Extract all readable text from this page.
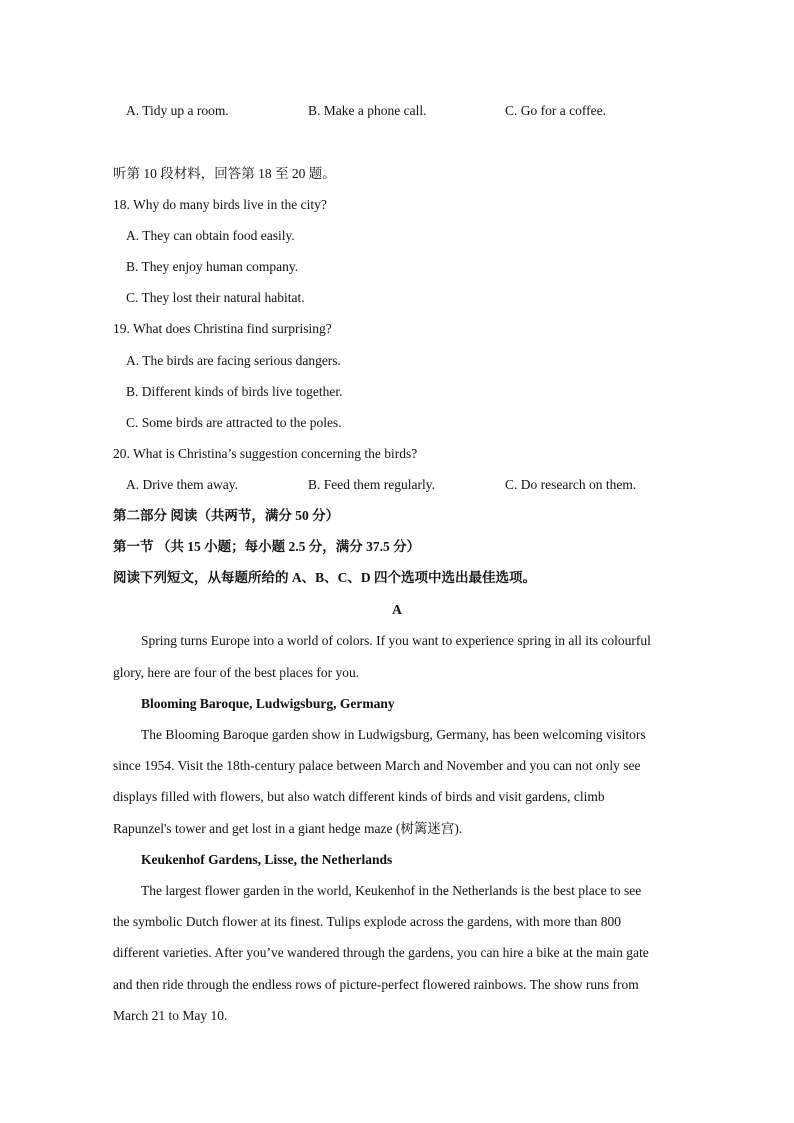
A. Tidy up a room.	B. Make a phone call.	C. Go for a coffee.
听第 10 段材料，回答第 18 至 20 题。
18. Why do many birds live in the city?
A. They can obtain food easily.
B. They enjoy human company.
C. They lost their natural habitat.
19. What does Christina find surprising?
A. The birds are facing serious dangers.
B. Different kinds of birds live together.
C. Some birds are attracted to the poles.
20. What is Christina’s suggestion concerning the birds?
A. Drive them away.	B. Feed them regularly.	C. Do research on them.
第二部分 阅读（共两节，满分 50 分）
第一节 （共 15 小题；每小题 2.5 分，满分 37.5 分）
阅读下列短文，从每题所给的 A、B、C、D 四个选项中选出最佳选项。
A
Spring turns Europe into a world of colors. If you want to experience spring in all its colourful
glory, here are four of the best places for you.
Blooming Baroque, Ludwigsburg, Germany
The Blooming Baroque garden show in Ludwigsburg, Germany, has been welcoming visitors
since 1954. Visit the 18th-century palace between March and November and you can not only see
displays filled with flowers, but also watch different kinds of birds and visit gardens, climb
Rapunzel's tower and get lost in a giant hedge maze (树篱迷宫).
Keukenhof Gardens, Lisse, the Netherlands
The largest flower garden in the world, Keukenhof in the Netherlands is the best place to see
the symbolic Dutch flower at its finest. Tulips explode across the gardens, with more than 800
different varieties. After you’ve wandered through the gardens, you can hire a bike at the main gate
and then ride through the endless rows of picture-perfect flowered rainbows. The show runs from
March 21 to May 10.
